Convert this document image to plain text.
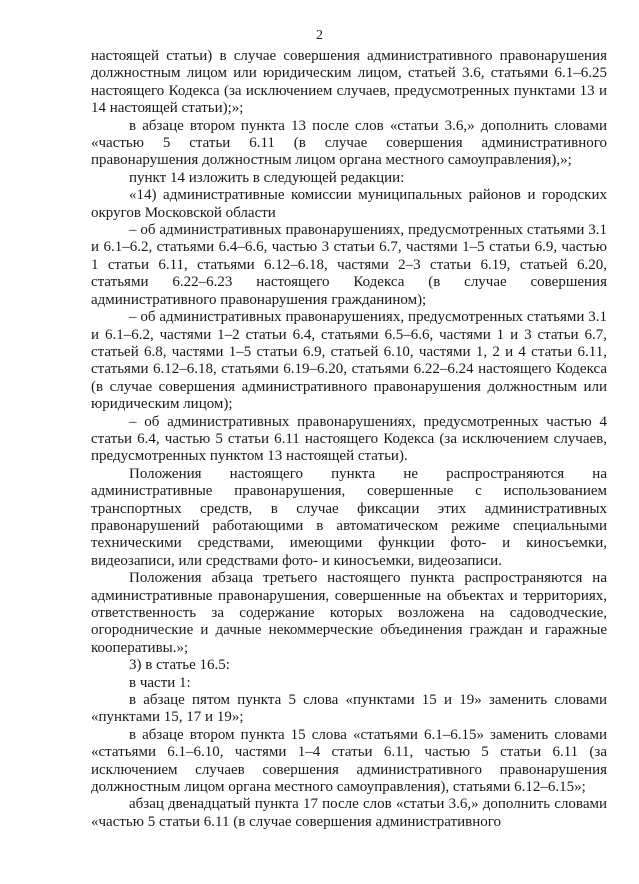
2

настоящей статьи) в случае совершения административного правонарушения должностным лицом или юридическим лицом, статьей 3.6, статьями 6.1–6.25 настоящего Кодекса (за исключением случаев, предусмотренных пунктами 13 и 14 настоящей статьи);»;

в абзаце втором пункта 13 после слов «статьи 3.6,» дополнить словами «частью 5 статьи 6.11 (в случае совершения административного правонарушения должностным лицом органа местного самоуправления),»;

пункт 14 изложить в следующей редакции:

«14) административные комиссии муниципальных районов и городских округов Московской области

– об административных правонарушениях, предусмотренных статьями 3.1 и 6.1–6.2, статьями 6.4–6.6, частью 3 статьи 6.7, частями 1–5 статьи 6.9, частью 1 статьи 6.11, статьями 6.12–6.18, частями 2–3 статьи 6.19, статьей 6.20, статьями 6.22–6.23 настоящего Кодекса (в случае совершения административного правонарушения гражданином);

– об административных правонарушениях, предусмотренных статьями 3.1 и 6.1–6.2, частями 1–2 статьи 6.4, статьями 6.5–6.6, частями 1 и 3 статьи 6.7, статьей 6.8, частями 1–5 статьи 6.9, статьей 6.10, частями 1, 2 и 4 статьи 6.11, статьями 6.12–6.18, статьями 6.19–6.20, статьями 6.22–6.24 настоящего Кодекса (в случае совершения административного правонарушения должностным или юридическим лицом);

– об административных правонарушениях, предусмотренных частью 4 статьи 6.4, частью 5 статьи 6.11 настоящего Кодекса (за исключением случаев, предусмотренных пунктом 13 настоящей статьи).

Положения настоящего пункта не распространяются на административные правонарушения, совершенные с использованием транспортных средств, в случае фиксации этих административных правонарушений работающими в автоматическом режиме специальными техническими средствами, имеющими функции фото- и киносъемки, видеозаписи, или средствами фото- и киносъемки, видеозаписи.

Положения абзаца третьего настоящего пункта распространяются на административные правонарушения, совершенные на объектах и территориях, ответственность за содержание которых возложена на садоводческие, огороднические и дачные некоммерческие объединения граждан и гаражные кооперативы.»;

3) в статье 16.5:

в части 1:

в абзаце пятом пункта 5 слова «пунктами 15 и 19» заменить словами «пунктами 15, 17 и 19»;

в абзаце втором пункта 15 слова «статьями 6.1–6.15» заменить словами «статьями 6.1–6.10, частями 1–4 статьи 6.11, частью 5 статьи 6.11 (за исключением случаев совершения административного правонарушения должностным лицом органа местного самоуправления), статьями 6.12–6.15»;

абзац двенадцатый пункта 17 после слов «статьи 3.6,» дополнить словами «частью 5 статьи 6.11 (в случае совершения административного
